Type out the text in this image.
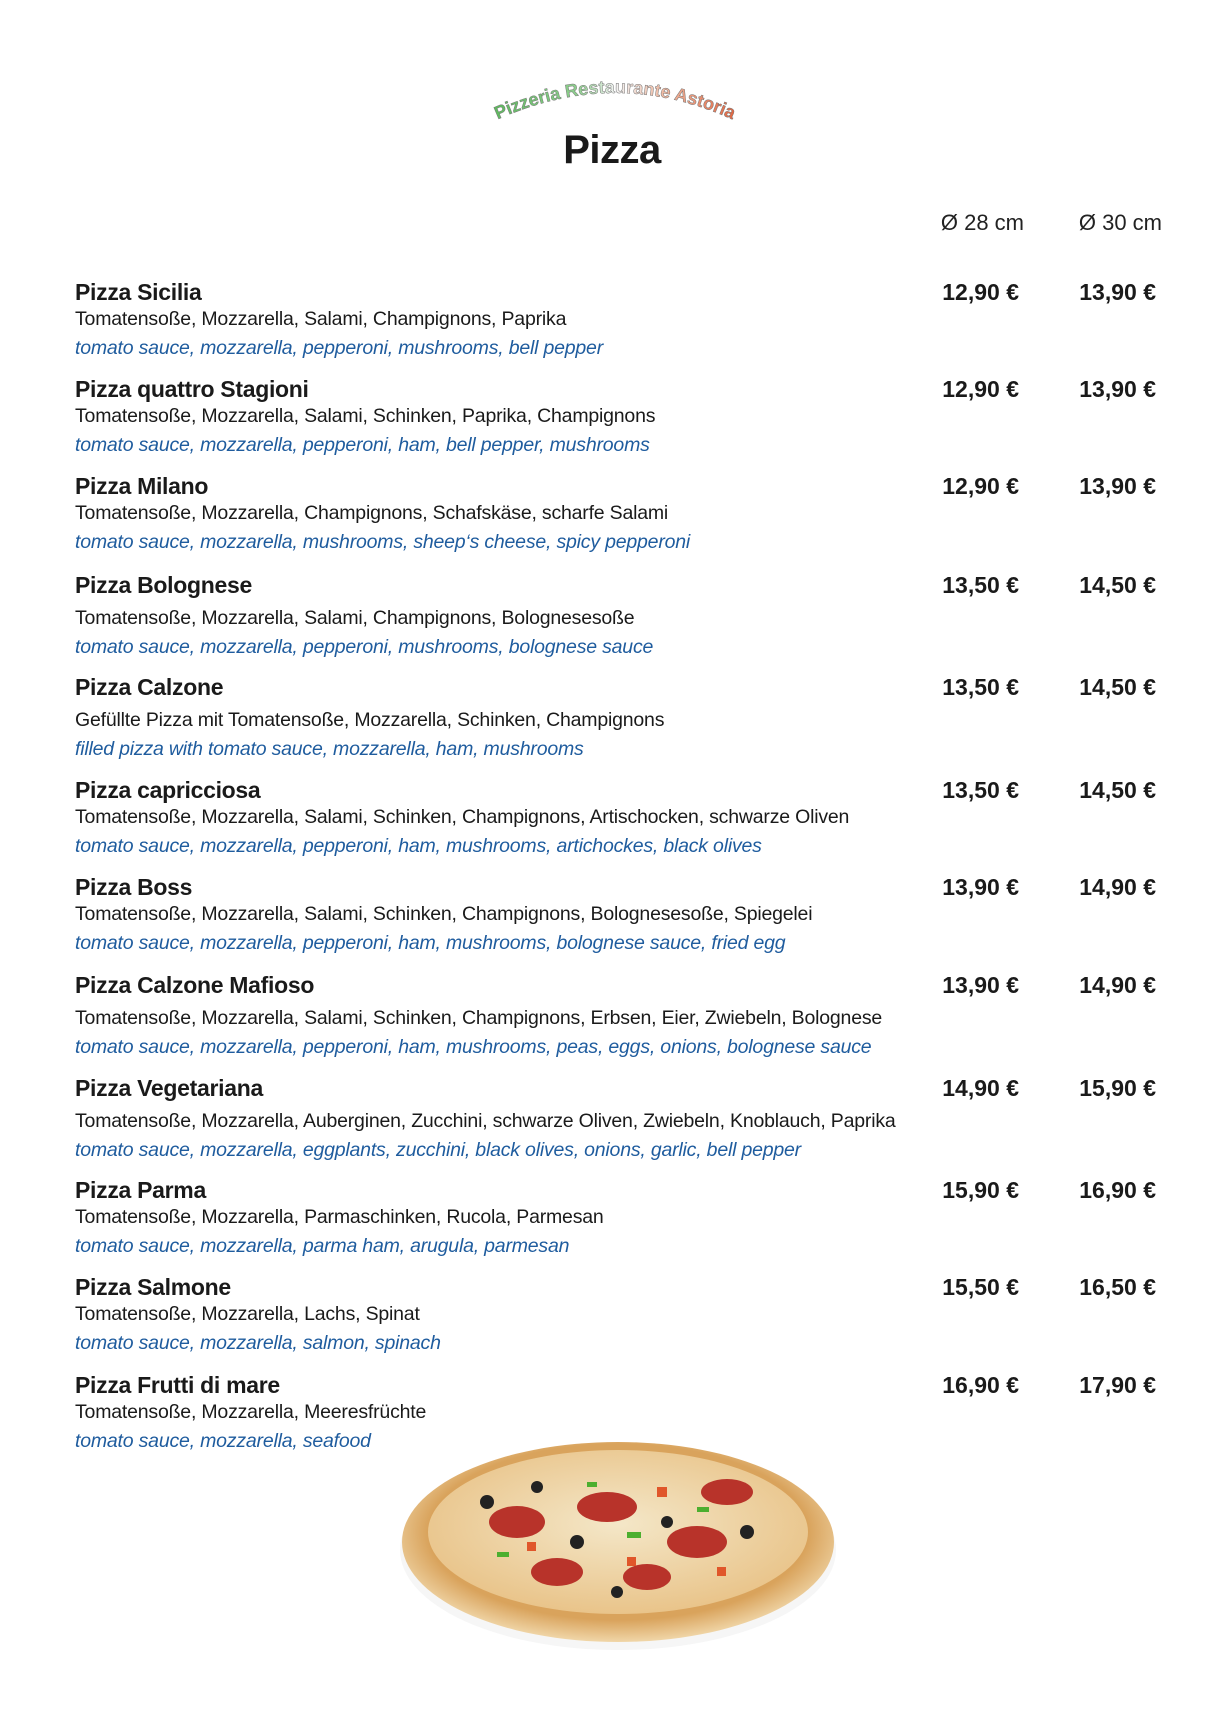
Pizzeria Restaurante Astoria
Pizza
Ø 28 cm	Ø 30 cm
Pizza Sicilia	12,90 €	13,90 €
Tomatensoße, Mozzarella, Salami, Champignons, Paprika
tomato sauce, mozzarella, pepperoni, mushrooms, bell pepper
Pizza quattro Stagioni	12,90 €	13,90 €
Tomatensoße, Mozzarella, Salami, Schinken, Paprika, Champignons
tomato sauce, mozzarella, pepperoni, ham, bell pepper, mushrooms
Pizza Milano	12,90 €	13,90 €
Tomatensoße, Mozzarella, Champignons, Schafskäse, scharfe Salami
tomato sauce, mozzarella, mushrooms, sheep‘s cheese, spicy pepperoni
Pizza Bolognese	13,50 €	14,50 €
Tomatensoße, Mozzarella, Salami, Champignons, Bolognesesoße
tomato sauce, mozzarella, pepperoni, mushrooms, bolognese sauce
Pizza Calzone	13,50 €	14,50 €
Gefüllte Pizza mit Tomatensoße, Mozzarella, Schinken, Champignons
filled pizza with tomato sauce, mozzarella, ham, mushrooms
Pizza capricciosa	13,50 €	14,50 €
Tomatensoße, Mozzarella, Salami, Schinken, Champignons, Artischocken, schwarze Oliven
tomato sauce, mozzarella, pepperoni, ham, mushrooms, artichockes, black olives
Pizza Boss	13,90 €	14,90 €
Tomatensoße, Mozzarella, Salami, Schinken, Champignons, Bolognesesoße, Spiegelei
tomato sauce, mozzarella, pepperoni, ham, mushrooms, bolognese sauce, fried egg
Pizza Calzone Mafioso	13,90 €	14,90 €
Tomatensoße, Mozzarella, Salami, Schinken, Champignons, Erbsen, Eier, Zwiebeln, Bolognese
tomato sauce, mozzarella, pepperoni, ham, mushrooms, peas, eggs, onions, bolognese sauce
Pizza Vegetariana	14,90 €	15,90 €
Tomatensoße, Mozzarella, Auberginen, Zucchini, schwarze Oliven, Zwiebeln, Knoblauch, Paprika
tomato sauce, mozzarella, eggplants, zucchini, black olives, onions, garlic, bell pepper
Pizza Parma	15,90 €	16,90 €
Tomatensoße, Mozzarella, Parmaschinken, Rucola, Parmesan
tomato sauce, mozzarella, parma ham, arugula, parmesan
Pizza Salmone	15,50 €	16,50 €
Tomatensoße, Mozzarella, Lachs, Spinat
tomato sauce, mozzarella, salmon, spinach
Pizza Frutti di mare	16,90 €	17,90 €
Tomatensoße, Mozzarella, Meeresfrüchte
tomato sauce, mozzarella, seafood
